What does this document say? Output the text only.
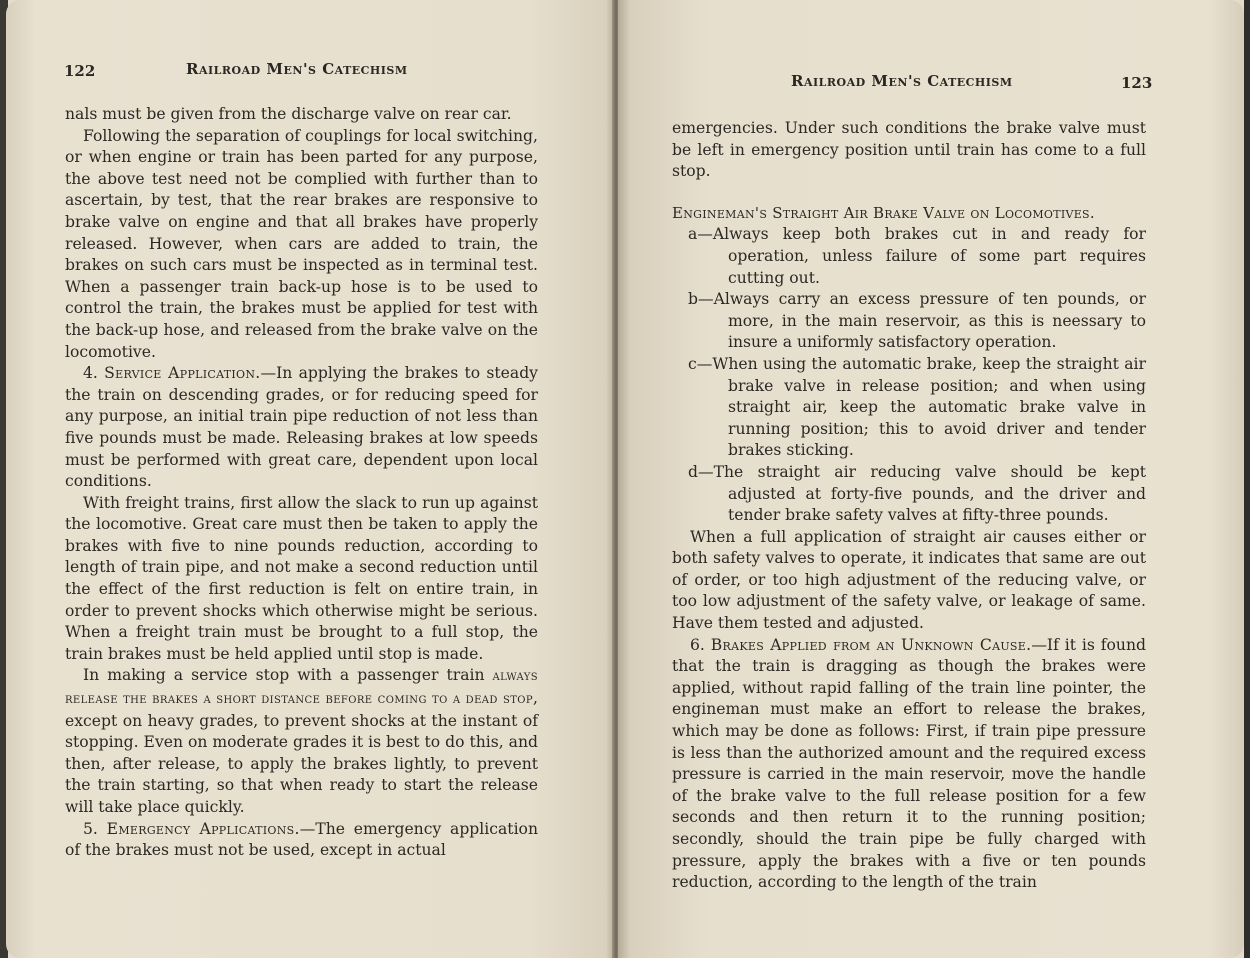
122	Railroad Men's Catechism

nals must be given from the discharge valve on rear car.

Following the separation of couplings for local switching, or when engine or train has been parted for any purpose, the above test need not be complied with further than to ascertain, by test, that the rear brakes are responsive to brake valve on engine and that all brakes have properly released. However, when cars are added to train, the brakes on such cars must be inspected as in terminal test. When a passenger train back-up hose is to be used to control the train, the brakes must be applied for test with the back-up hose, and released from the brake valve on the locomotive.

4. Service Application.—In applying the brakes to steady the train on descending grades, or for reducing speed for any purpose, an initial train pipe reduction of not less than five pounds must be made. Releasing brakes at low speeds must be performed with great care, dependent upon local conditions.

With freight trains, first allow the slack to run up against the locomotive. Great care must then be taken to apply the brakes with five to nine pounds reduction, according to length of train pipe, and not make a second reduction until the effect of the first reduction is felt on entire train, in order to prevent shocks which otherwise might be serious. When a freight train must be brought to a full stop, the train brakes must be held applied until stop is made.

In making a service stop with a passenger train always release the brakes a short distance before coming to a dead stop, except on heavy grades, to prevent shocks at the instant of stopping. Even on moderate grades it is best to do this, and then, after release, to apply the brakes lightly, to prevent the train starting, so that when ready to start the release will take place quickly.

5. Emergency Applications.—The emergency application of the brakes must not be used, except in actual

Railroad Men's Catechism	123

emergencies. Under such conditions the brake valve must be left in emergency position until train has come to a full stop.

Engineman's Straight Air Brake Valve on Locomotives.

a—Always keep both brakes cut in and ready for operation, unless failure of some part requires cutting out.

b—Always carry an excess pressure of ten pounds, or more, in the main reservoir, as this is neessary to insure a uniformly satisfactory operation.

c—When using the automatic brake, keep the straight air brake valve in release position; and when using straight air, keep the automatic brake valve in running position; this to avoid driver and tender brakes sticking.

d—The straight air reducing valve should be kept adjusted at forty-five pounds, and the driver and tender brake safety valves at fifty-three pounds.

When a full application of straight air causes either or both safety valves to operate, it indicates that same are out of order, or too high adjustment of the reducing valve, or too low adjustment of the safety valve, or leakage of same. Have them tested and adjusted.

6. Brakes Applied from an Unknown Cause.—If it is found that the train is dragging as though the brakes were applied, without rapid falling of the train line pointer, the engineman must make an effort to release the brakes, which may be done as follows: First, if train pipe pressure is less than the authorized amount and the required excess pressure is carried in the main reservoir, move the handle of the brake valve to the full release position for a few seconds and then return it to the running position; secondly, should the train pipe be fully charged with pressure, apply the brakes with a five or ten pounds reduction, according to the length of the train
